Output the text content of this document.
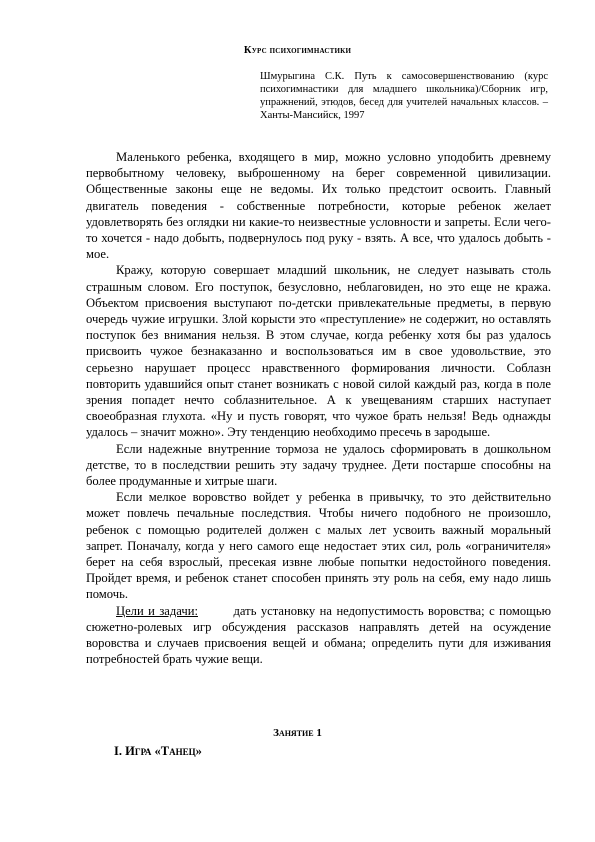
Курс психогимнастики
Шмурыгина С.К. Путь к самосовершенствованию (курс психогимнастики для младшего школьника)/Сборник игр, упражнений, этюдов, бесед для учителей начальных классов. – Ханты-Мансийск, 1997

Маленького ребенка, входящего в мир, можно условно уподобить древнему первобытному человеку, выброшенному на берег современной цивилизации. Общественные законы еще не ведомы. Их только предстоит освоить. Главный двигатель поведения - собственные потребности, которые ребенок желает удовлетворять без оглядки ни какие-то неизвестные условности и запреты. Если чего-то хочется - надо добыть, подвернулось под руку - взять. А все, что удалось добыть - мое.

Кражу, которую совершает младший школьник, не следует называть столь страшным словом. Его поступок, безусловно, неблаговиден, но это еще не кража. Объектом присвоения выступают по-детски привлекательные предметы, в первую очередь чужие игрушки. Злой корысти это «преступление» не содержит, но оставлять поступок без внимания нельзя. В этом случае, когда ребенку хотя бы раз удалось присвоить чужое безнаказанно и воспользоваться им в свое удовольствие, это серьезно нарушает процесс нравственного формирования личности. Соблазн повторить удавшийся опыт станет возникать с новой силой каждый раз, когда в поле зрения попадет нечто соблазнительное. А к увещеваниям старших наступает своеобразная глухота. «Ну и пусть говорят, что чужое брать нельзя! Ведь однажды удалось – значит можно». Эту тенденцию необходимо пресечь в зародыше.

Если надежные внутренние тормоза не удалось сформировать в дошкольном детстве, то в последствии решить эту задачу труднее. Дети постарше способны на более продуманные и хитрые шаги.

Если мелкое воровство войдет у ребенка в привычку, то это действительно может повлечь печальные последствия. Чтобы ничего подобного не произошло, ребенок с помощью родителей должен с малых лет усвоить важный моральный запрет. Поначалу, когда у него самого еще недостает этих сил, роль «ограничителя» берет на себя взрослый, пресекая извне любые попытки недостойного поведения. Пройдет время, и ребенок станет способен принять эту роль на себя, ему надо лишь помочь.

Цели и задачи:	дать установку на недопустимость воровства; с помощью сюжетно-ролевых игр обсуждения рассказов направлять детей на осуждение воровства и случаев присвоения вещей и обмана; определить пути для изживания потребностей брать чужие вещи.

Занятие 1
I. Игра «Танец»
